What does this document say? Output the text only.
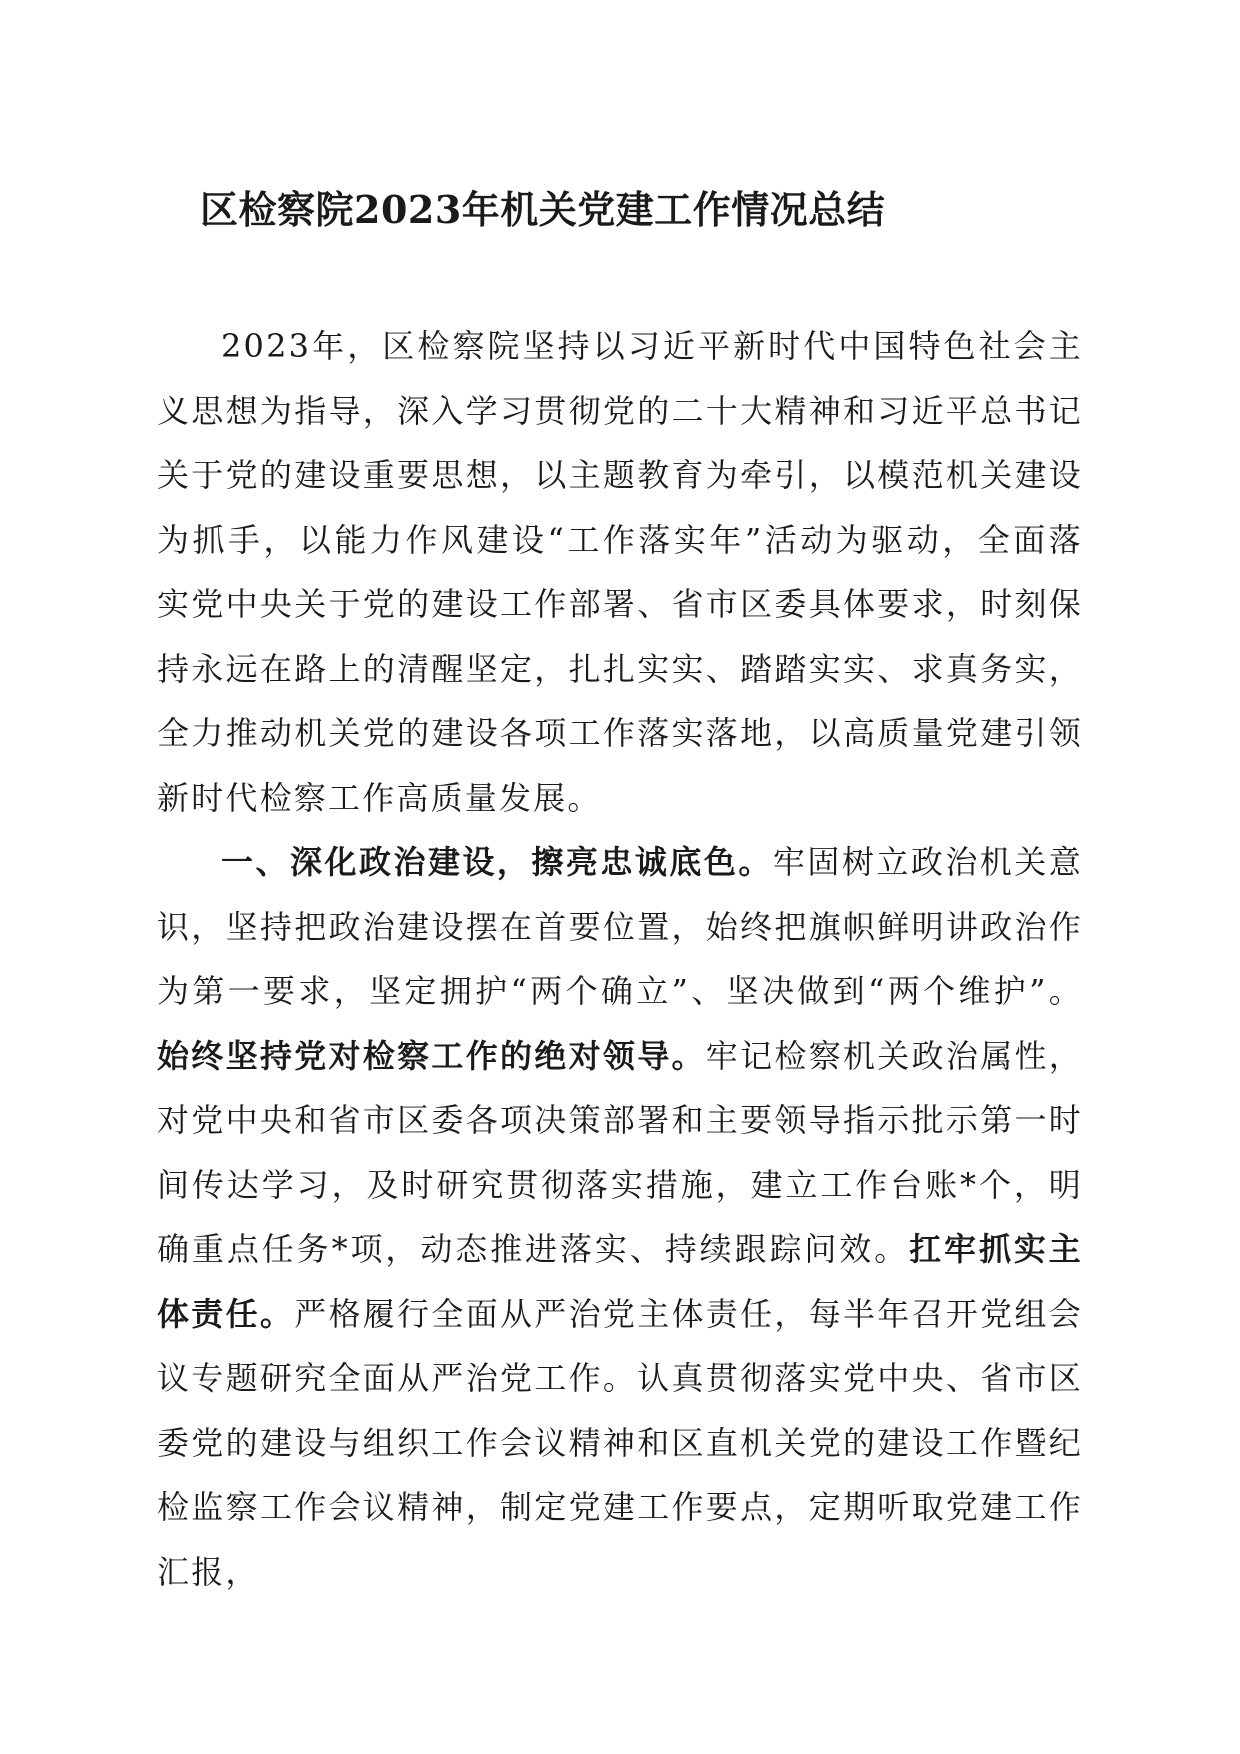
区检察院2023年机关党建工作情况总结

2023年，区检察院坚持以习近平新时代中国特色社会主义思想为指导，深入学习贯彻党的二十大精神和习近平总书记关于党的建设重要思想，以主题教育为牵引，以模范机关建设为抓手，以能力作风建设“工作落实年”活动为驱动，全面落实党中央关于党的建设工作部署、省市区委具体要求，时刻保持永远在路上的清醒坚定，扎扎实实、踏踏实实、求真务实，全力推动机关党的建设各项工作落实落地，以高质量党建引领新时代检察工作高质量发展。

一、深化政治建设，擦亮忠诚底色。牢固树立政治机关意识，坚持把政治建设摆在首要位置，始终把旗帜鲜明讲政治作为第一要求，坚定拥护“两个确立”、坚决做到“两个维护”。始终坚持党对检察工作的绝对领导。牢记检察机关政治属性，对党中央和省市区委各项决策部署和主要领导指示批示第一时间传达学习，及时研究贯彻落实措施，建立工作台账*个，明确重点任务*项，动态推进落实、持续跟踪问效。扛牢抓实主体责任。严格履行全面从严治党主体责任，每半年召开党组会议专题研究全面从严治党工作。认真贯彻落实党中央、省市区委党的建设与组织工作会议精神和区直机关党的建设工作暨纪检监察工作会议精神，制定党建工作要点，定期听取党建工作汇报，
